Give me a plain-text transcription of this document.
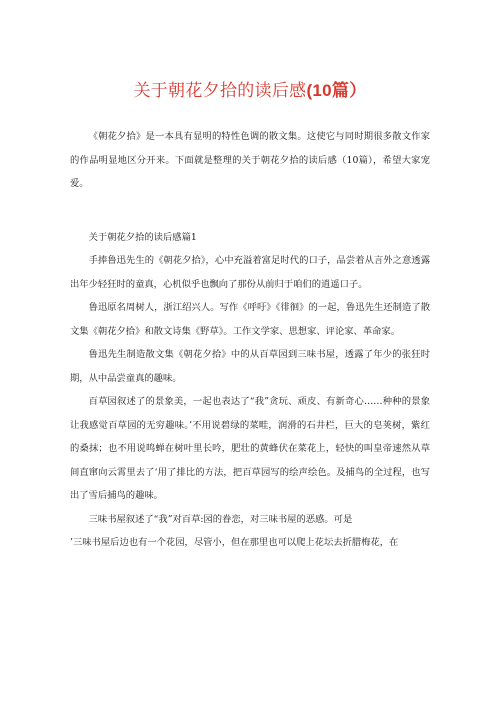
关于朝花夕拾的读后感(10篇）

《朝花夕拾》是一本具有显明的特性色调的散文集。这使它与同时期很多散文作家的作品明显地区分开来。下面就是整理的关于朝花夕拾的读后感（10篇），希望大家宠爱。

关于朝花夕拾的读后感篇1

手捧鲁迅先生的《朝花夕拾》，心中充溢着富足时代的口子，品尝着从言外之意透露出年少轻狂时的童真，心机似乎也飘向了那份从前归于咱们的逍遥口子。

鲁迅原名周树人，浙江绍兴人。写作《呼吁》《徘徊》的一起，鲁迅先生还制造了散文集《朝花夕拾》和散文诗集《野草》。工作文学家、思想家、评论家、革命家。

鲁迅先生制造散文集《朝花夕拾》中的从百草园到三味书屋，透露了年少的张狂时期，从中品尝童真的趣味。

百草园叙述了的景象美，一起也表达了“我”贪玩、顽皮、有新奇心……种种的景象让我感觉百草园的无穷趣味。’不用说碧绿的菜畦，润滑的石井栏，巨大的皂荚树，紫红的桑抹；也不用说鸣蝉在树叶里长吟，肥壮的黄蜂伏在菜花上，轻快的叫皇帝速然从草间直窜向云霄里去了‘用了排比的方法，把百草园写的绘声绘色。及捕鸟的全过程，也写出了雪后捕鸟的趣味。

三味书屋叙述了“我”对百草:园的眷恋，对三味书屋的恶感。可是

’三味书屋后边也有一个花园，尽管小，但在那里也可以爬上花坛去折腊梅花，在
